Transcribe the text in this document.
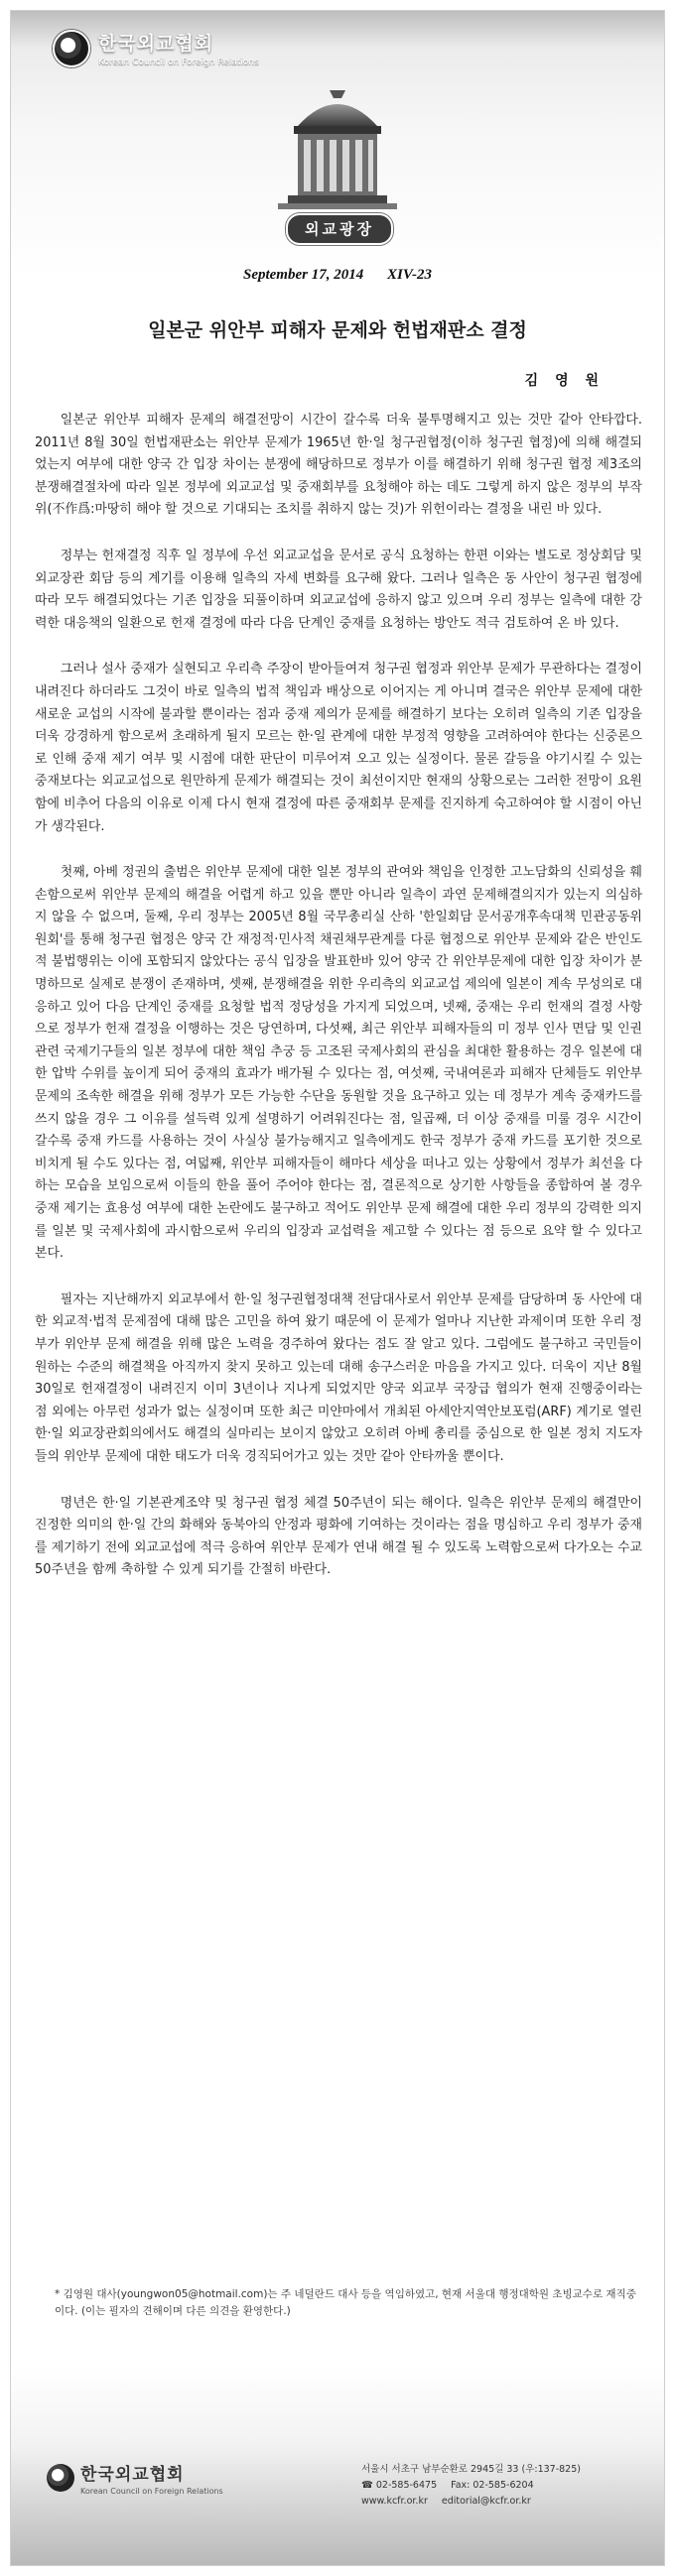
한국외교협회
Korean Council on Foreign Relations
외교광장
September 17, 2014 XIV-23
일본군 위안부 피해자 문제와 헌법재판소 결정
김 영 원

일본군 위안부 피해자 문제의 해결전망이 시간이 갈수록 더욱 불투명해지고 있는 것만 같아 안타깝다. 2011년 8월 30일 헌법재판소는 위안부 문제가 1965년 한·일 청구권협정(이하 청구권 협정)에 의해 해결되었는지 여부에 대한 양국 간 입장 차이는 분쟁에 해당하므로 정부가 이를 해결하기 위해 청구권 협정 제3조의 분쟁해결절차에 따라 일본 정부에 외교교섭 및 중재회부를 요청해야 하는 데도 그렇게 하지 않은 정부의 부작위(不作爲:마땅히 해야 할 것으로 기대되는 조치를 취하지 않는 것)가 위헌이라는 결정을 내린 바 있다.

정부는 헌재결정 직후 일 정부에 우선 외교교섭을 문서로 공식 요청하는 한편 이와는 별도로 정상회담 및 외교장관 회담 등의 계기를 이용해 일측의 자세 변화를 요구해 왔다. 그러나 일측은 동 사안이 청구권 협정에 따라 모두 해결되었다는 기존 입장을 되풀이하며 외교교섭에 응하지 않고 있으며 우리 정부는 일측에 대한 강력한 대응책의 일환으로 헌재 결정에 따라 다음 단계인 중재를 요청하는 방안도 적극 검토하여 온 바 있다.

그러나 설사 중재가 실현되고 우리측 주장이 받아들여져 청구권 협정과 위안부 문제가 무관하다는 결정이 내려진다 하더라도 그것이 바로 일측의 법적 책임과 배상으로 이어지는 게 아니며 결국은 위안부 문제에 대한 새로운 교섭의 시작에 불과할 뿐이라는 점과 중재 제의가 문제를 해결하기 보다는 오히려 일측의 기존 입장을 더욱 강경하게 함으로써 초래하게 될지 모르는 한·일 관계에 대한 부정적 영향을 고려하여야 한다는 신중론으로 인해 중재 제기 여부 및 시점에 대한 판단이 미루어져 오고 있는 실정이다. 물론 갈등을 야기시킬 수 있는 중재보다는 외교교섭으로 원만하게 문제가 해결되는 것이 최선이지만 현재의 상황으로는 그러한 전망이 요원함에 비추어 다음의 이유로 이제 다시 현재 결정에 따른 중재회부 문제를 진지하게 숙고하여야 할 시점이 아닌가 생각된다.

첫째, 아베 정권의 출범은 위안부 문제에 대한 일본 정부의 관여와 책임을 인정한 고노담화의 신뢰성을 훼손함으로써 위안부 문제의 해결을 어렵게 하고 있을 뿐만 아니라 일측이 과연 문제해결의지가 있는지 의심하지 않을 수 없으며, 둘째, 우리 정부는 2005년 8월 국무총리실 산하 '한일회담 문서공개후속대책 민관공동위원회'를 통해 청구권 협정은 양국 간 재정적·민사적 채권채무관계를 다룬 협정으로 위안부 문제와 같은 반인도적 불법행위는 이에 포함되지 않았다는 공식 입장을 발표한바 있어 양국 간 위안부문제에 대한 입장 차이가 분명하므로 실제로 분쟁이 존재하며, 셋째, 분쟁해결을 위한 우리측의 외교교섭 제의에 일본이 계속 무성의로 대응하고 있어 다음 단계인 중재를 요청할 법적 정당성을 가지게 되었으며, 넷째, 중재는 우리 헌재의 결정 사항으로 정부가 헌재 결정을 이행하는 것은 당연하며, 다섯째, 최근 위안부 피해자들의 미 정부 인사 면담 및 인권관련 국제기구들의 일본 정부에 대한 책임 추궁 등 고조된 국제사회의 관심을 최대한 활용하는 경우 일본에 대한 압박 수위를 높이게 되어 중재의 효과가 배가될 수 있다는 점, 여섯째, 국내여론과 피해자 단체들도 위안부 문제의 조속한 해결을 위해 정부가 모든 가능한 수단을 동원할 것을 요구하고 있는 데 정부가 계속 중재카드를 쓰지 않을 경우 그 이유를 설득력 있게 설명하기 어려워진다는 점, 일곱째, 더 이상 중재를 미룰 경우 시간이 갈수록 중재 카드를 사용하는 것이 사실상 불가능해지고 일측에게도 한국 정부가 중재 카드를 포기한 것으로 비치게 될 수도 있다는 점, 여덟째, 위안부 피해자들이 해마다 세상을 떠나고 있는 상황에서 정부가 최선을 다하는 모습을 보임으로써 이들의 한을 풀어 주어야 한다는 점, 결론적으로 상기한 사항들을 종합하여 볼 경우 중재 제기는 효용성 여부에 대한 논란에도 불구하고 적어도 위안부 문제 해결에 대한 우리 정부의 강력한 의지를 일본 및 국제사회에 과시함으로써 우리의 입장과 교섭력을 제고할 수 있다는 점 등으로 요약 할 수 있다고 본다.

필자는 지난해까지 외교부에서 한·일 청구권협정대책 전담대사로서 위안부 문제를 담당하며 동 사안에 대한 외교적·법적 문제점에 대해 많은 고민을 하여 왔기 때문에 이 문제가 얼마나 지난한 과제이며 또한 우리 정부가 위안부 문제 해결을 위해 많은 노력을 경주하여 왔다는 점도 잘 알고 있다. 그럼에도 불구하고 국민들이 원하는 수준의 해결책을 아직까지 찾지 못하고 있는데 대해 송구스러운 마음을 가지고 있다. 더욱이 지난 8월 30일로 헌재결정이 내려진지 이미 3년이나 지나게 되었지만 양국 외교부 국장급 협의가 현재 진행중이라는 점 외에는 아무런 성과가 없는 실정이며 또한 최근 미얀마에서 개최된 아세안지역안보포럼(ARF) 계기로 열린 한·일 외교장관회의에서도 해결의 실마리는 보이지 않았고 오히려 아베 총리를 중심으로 한 일본 정치 지도자들의 위안부 문제에 대한 태도가 더욱 경직되어가고 있는 것만 같아 안타까울 뿐이다.

명년은 한·일 기본관계조약 및 청구권 협정 체결 50주년이 되는 해이다. 일측은 위안부 문제의 해결만이 진정한 의미의 한·일 간의 화해와 동북아의 안정과 평화에 기여하는 것이라는 점을 명심하고 우리 정부가 중재를 제기하기 전에 외교교섭에 적극 응하여 위안부 문제가 연내 해결 될 수 있도록 노력함으로써 다가오는 수교 50주년을 함께 축하할 수 있게 되기를 간절히 바란다.

* 김영원 대사(youngwon05@hotmail.com)는 주 네덜란드 대사 등을 역임하였고, 현재 서울대 행정대학원 초빙교수로 재직중이다. (이는 필자의 견해이며 다른 의견을 환영한다.)
한국외교협회
Korean Council on Foreign Relations
서울시 서초구 남부순환로 2945길 33 (우:137-825)
☎ 02-585-6475 Fax: 02-585-6204
www.kcfr.or.kr editorial@kcfr.or.kr
